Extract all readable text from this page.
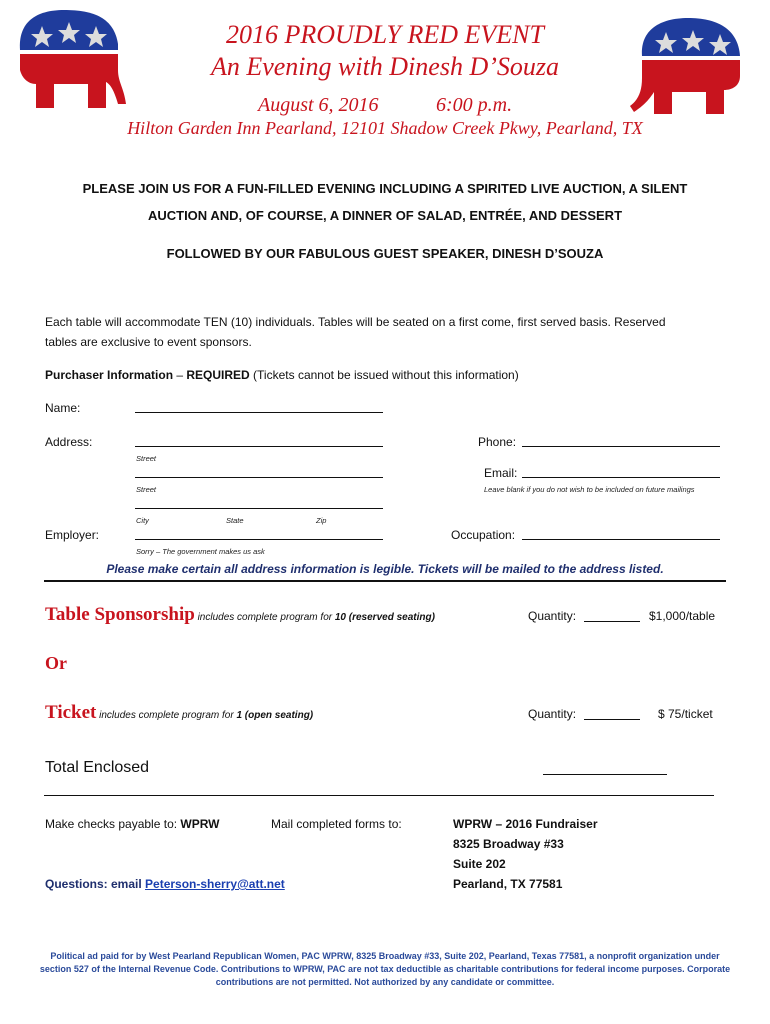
2016 PROUDLY RED EVENT
An Evening with Dinesh D’Souza
August 6, 2016	6:00 p.m.
Hilton Garden Inn Pearland, 12101 Shadow Creek Pkwy, Pearland, TX
PLEASE JOIN US FOR A FUN-FILLED EVENING INCLUDING A SPIRITED LIVE AUCTION, A SILENT
AUCTION AND, OF COURSE, A DINNER OF SALAD, ENTRÉE, AND DESSERT
FOLLOWED BY OUR FABULOUS GUEST SPEAKER, DINESH D’SOUZA
Each table will accommodate TEN (10) individuals. Tables will be seated on a first come, first served basis. Reserved
tables are exclusive to event sponsors.
Purchaser Information – REQUIRED (Tickets cannot be issued without this information)
Name:
Address:
Street
Street
City	State	Zip
Phone:
Email:
Leave blank if you do not wish to be included on future mailings
Employer:
Sorry – The government makes us ask
Occupation:
Please make certain all address information is legible. Tickets will be mailed to the address listed.
Table Sponsorship includes complete program for 10 (reserved seating)	Quantity:	$1,000/table
Or
Ticket includes complete program for 1 (open seating)	Quantity:	$ 75/ticket
Total Enclosed
Make checks payable to: WPRW	Mail completed forms to:	WPRW – 2016 Fundraiser
8325 Broadway #33
Suite 202
Pearland, TX 77581
Questions: email Peterson-sherry@att.net
Political ad paid for by West Pearland Republican Women, PAC WPRW, 8325 Broadway #33, Suite 202, Pearland, Texas 77581, a nonprofit organization under
section 527 of the Internal Revenue Code. Contributions to WPRW, PAC are not tax deductible as charitable contributions for federal income purposes. Corporate
contributions are not permitted. Not authorized by any candidate or committee.
